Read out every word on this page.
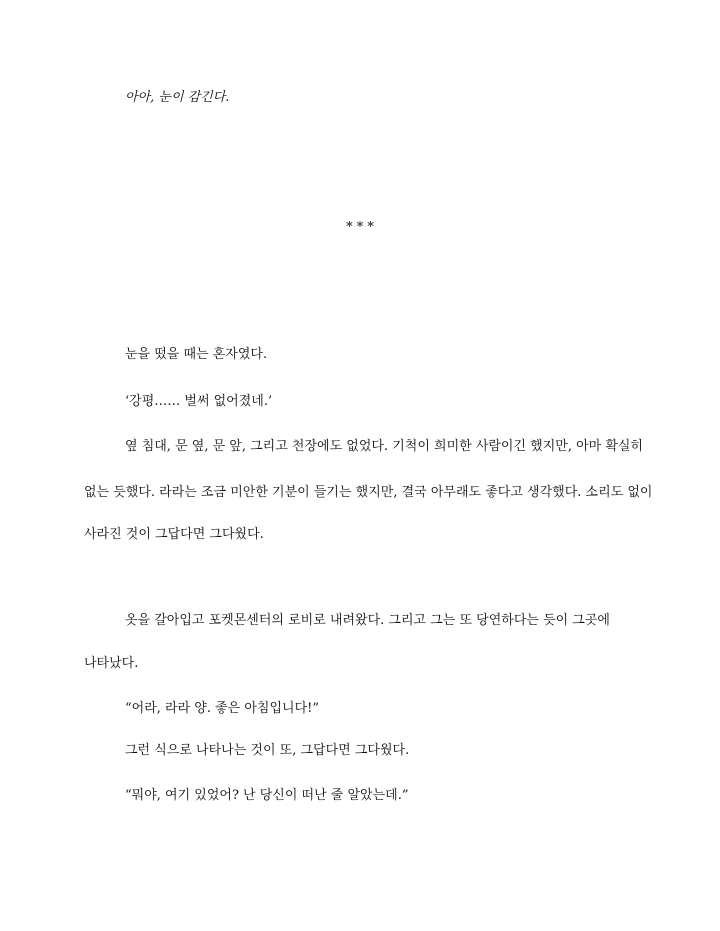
아아, 눈이 감긴다.
* * *
눈을 떴을 때는 혼자였다.
‘강평…… 벌써 없어졌네.’
옆 침대, 문 옆, 문 앞, 그리고 천장에도 없었다. 기척이 희미한 사람이긴 했지만, 아마 확실히
없는 듯했다. 라라는 조금 미안한 기분이 들기는 했지만, 결국 아무래도 좋다고 생각했다. 소리도 없이
사라진 것이 그답다면 그다웠다.
옷을 갈아입고 포켓몬센터의 로비로 내려왔다. 그리고 그는 또 당연하다는 듯이 그곳에
나타났다.
“어라, 라라 양. 좋은 아침입니다!”
그런 식으로 나타나는 것이 또, 그답다면 그다웠다.
“뭐야, 여기 있었어? 난 당신이 떠난 줄 알았는데.”
